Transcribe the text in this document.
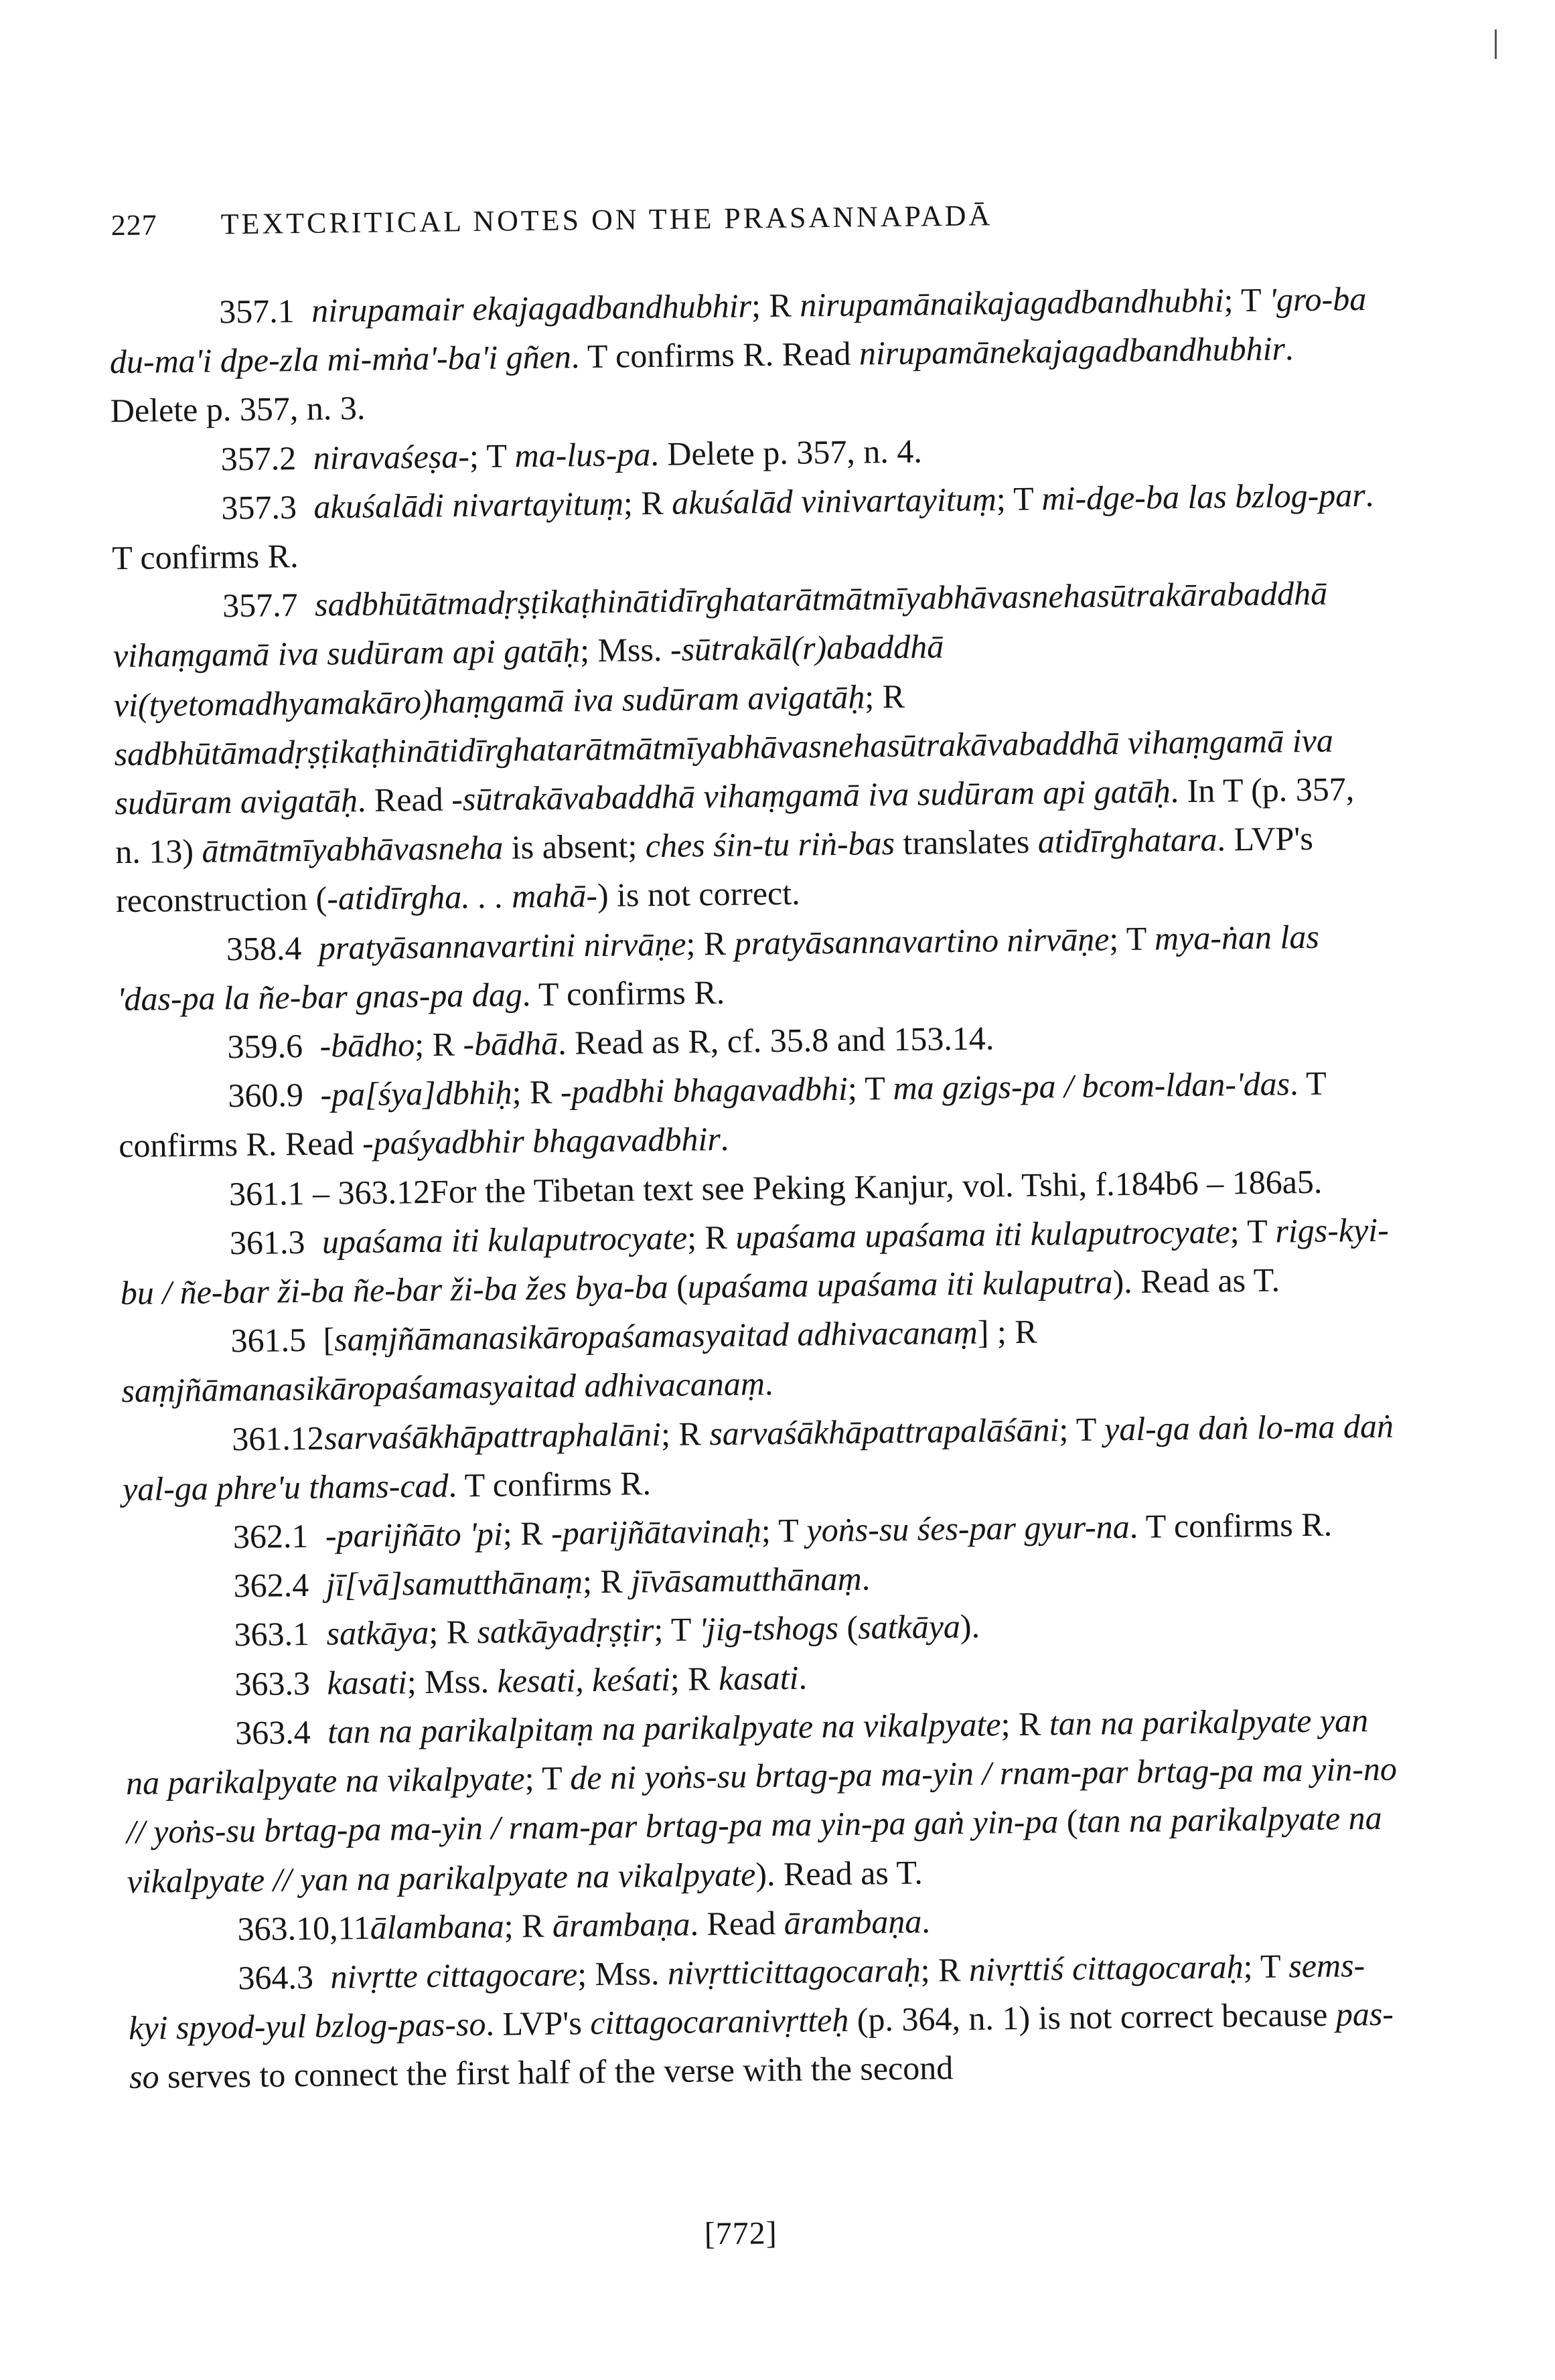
227 TEXTCRITICAL NOTES ON THE PRASANNAPADĀ

357.1 nirupamair ekajagadbandhubhir; R nirupamānaikajagadbandhubhi; T 'gro-ba du-ma'i dpe-zla mi-mṅa'-ba'i gñen. T confirms R. Read nirupamānekajagadbandhubhir. Delete p. 357, n. 3.

357.2 niravaśeṣa-; T ma-lus-pa. Delete p. 357, n. 4.

357.3 akuśalādi nivartayituṃ; R akuśalād vinivartayituṃ; T mi-dge-ba las bzlog-par. T confirms R.

357.7 sadbhūtātmadṛṣṭikaṭhinātidīrghatarātmātmīyabhāvasnehasūtrakārabaddhā vihaṃgamā iva sudūram api gatāḥ; Mss. -sūtrakāl(r)abaddhā vi(tyetomadhyamakāro)haṃgamā iva sudūram avigatāḥ; R sadbhūtāmadṛṣṭikaṭhinātidīrghatarātmātmīyabhāvasnehasūtrakāvabaddhā vihaṃgamā iva sudūram avigatāḥ. Read -sūtrakāvabaddhā vihaṃgamā iva sudūram api gatāḥ. In T (p. 357, n. 13) ātmātmīyabhāvasneha is absent; ches śin-tu riṅ-bas translates atidīrghatara. LVP's reconstruction (-atidīrgha. . . mahā-) is not correct.

358.4 pratyāsannavartini nirvāṇe; R pratyāsannavartino nirvāṇe; T mya-ṅan las 'das-pa la ñe-bar gnas-pa dag. T confirms R.

359.6 -bādho; R -bādhā. Read as R, cf. 35.8 and 153.14.

360.9 -pa[śya]dbhiḥ; R -padbhi bhagavadbhi; T ma gzigs-pa / bcom-ldan-'das. T confirms R. Read -paśyadbhir bhagavadbhir.

361.1 – 363.12For the Tibetan text see Peking Kanjur, vol. Tshi, f.184b6 – 186a5.

361.3 upaśama iti kulaputrocyate; R upaśama upaśama iti kulaputrocyate; T rigs-kyi-bu / ñe-bar ži-ba ñe-bar ži-ba žes bya-ba (upaśama upaśama iti kulaputra). Read as T.

361.5 [saṃjñāmanasikāropaśamasyaitad adhivacanaṃ] ; R saṃjñāmanasikāropaśamasyaitad adhivacanaṃ.

361.12sarvaśākhāpattraphalāni; R sarvaśākhāpattrapalāśāni; T yal-ga daṅ lo-ma daṅ yal-ga phre'u thams-cad. T confirms R.

362.1 -parijñāto 'pi; R -parijñātavinaḥ; T yoṅs-su śes-par gyur-na. T confirms R.

362.4 jī[vā]samutthānaṃ; R jīvāsamutthānaṃ.

363.1 satkāya; R satkāyadṛṣṭir; T 'jig-tshogs (satkāya).

363.3 kasati; Mss. kesati, keśati; R kasati.

363.4 tan na parikalpitaṃ na parikalpyate na vikalpyate; R tan na parikalpyate yan na parikalpyate na vikalpyate; T de ni yoṅs-su brtag-pa ma-yin / rnam-par brtag-pa ma yin-no // yoṅs-su brtag-pa ma-yin / rnam-par brtag-pa ma yin-pa gaṅ yin-pa (tan na parikalpyate na vikalpyate // yan na parikalpyate na vikalpyate). Read as T.

363.10,11ālambana; R ārambaṇa. Read ārambaṇa.

364.3 nivṛtte cittagocare; Mss. nivṛtticittagocaraḥ; R nivṛttiś cittagocaraḥ; T sems-kyi spyod-yul bzlog-pas-so. LVP's cittagocaranivṛtteḥ (p. 364, n. 1) is not correct because pas-so serves to connect the first half of the verse with the second

[772]
